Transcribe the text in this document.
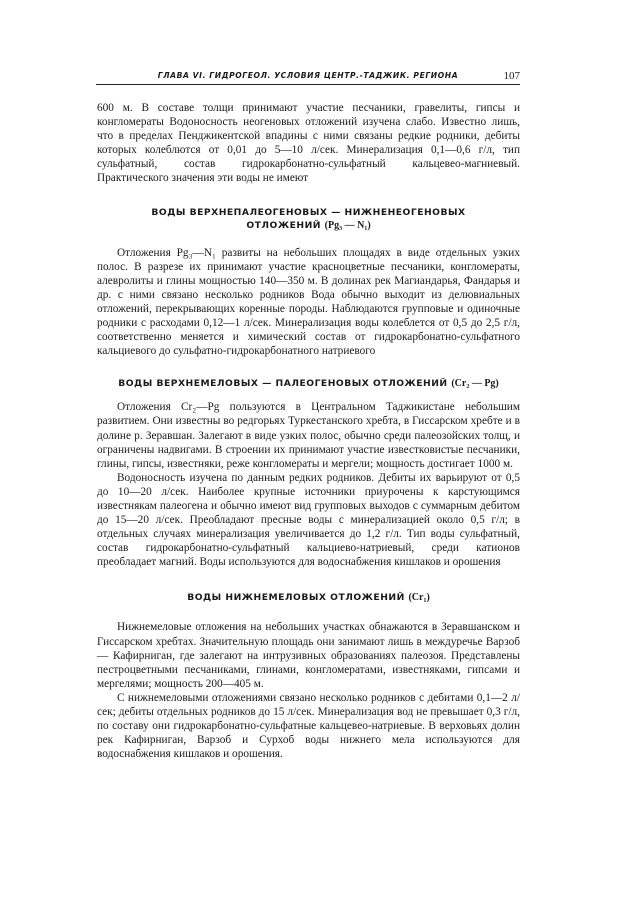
ГЛАВА VI. ГИДРОГЕОЛ. УСЛОВИЯ ЦЕНТР.-ТАДЖИК. РЕГИОНА	107

600 м. В составе толщи принимают участие песчаники, гравелиты, гипсы и конгломераты Водоносность неогеновых отложений изучена слабо. Известно лишь, что в пределах Пенджикентской впадины с ними связаны редкие родники, дебиты которых колеблются от 0,01 до 5—10 л/сек. Минерализация 0,1—0,6 г/л, тип сульфатный, состав гидрокарбонатно-сульфатный кальцевео-магниевый. Практического значения эти воды не имеют

ВОДЫ ВЕРХНЕПАЛЕОГЕНОВЫХ — НИЖНЕНЕОГЕНОВЫХ
ОТЛОЖЕНИЙ (Pg₃ — N₁)

Отложения Pg₃—N₁ развиты на небольших площадях в виде отдельных узких полос. В разрезе их принимают участие красноцветные песчаники, конгломераты, алевролиты и глины мощностью 140—350 м. В долинах рек Магиандарья, Фандарья и др. с ними связано несколько родников Вода обычно выходит из делювиальных отложений, перекрывающих коренные породы. Наблюдаются групповые и одиночные родники с расходами 0,12—1 л/сек. Минерализация воды колеблется от 0,5 до 2,5 г/л, соответственно меняется и химический состав от гидрокарбонатно-сульфатного кальциевого до сульфатно-гидрокарбонатного натриевого

ВОДЫ ВЕРХНЕМЕЛОВЫХ — ПАЛЕОГЕНОВЫХ ОТЛОЖЕНИЙ (Cr₂ — Pg)

Отложения Cr₂—Pg пользуются в Центральном Таджикистане небольшим развитием. Они известны во редгорьях Туркестанского хребта, в Гиссарском хребте и в долине р. Зеравшан. Залегают в виде узких полос, обычно среди палеозойских толщ, и ограничены надвигами. В строении их принимают участие известковистые песчаники, глины, гипсы, известняки, реже конгломераты и мергели; мощность достигает 1000 м.

Водоносность изучена по данным редких родников. Дебиты их варьируют от 0,5 до 10—20 л/сек. Наиболее крупные источники приурочены к карстующимся известнякам палеогена и обычно имеют вид групповых выходов с суммарным дебитом до 15—20 л/сек. Преобладают пресные воды с минерализацией около 0,5 г/л; в отдельных случаях минерализация увеличивается до 1,2 г/л. Тип воды сульфатный, состав гидрокарбонатно-сульфатный кальциево-натриевый, среди катионов преобладает магний. Воды используются для водоснабжения кишлаков и орошения

ВОДЫ НИЖНЕМЕЛОВЫХ ОТЛОЖЕНИЙ (Cr₁)

Нижнемеловые отложения на небольших участках обнажаются в Зеравшанском и Гиссарском хребтах. Значительную площадь они занимают лишь в междуречье Варзоб — Кафирниган, где залегают на интрузивных образованиях палеозоя. Представлены пестроцветными песчаниками, глинами, конгломератами, известняками, гипсами и мергелями; мощность 200—405 м.

С нижнемеловыми отложениями связано несколько родников с дебитами 0,1—2 л/сек; дебиты отдельных родников до 15 л/сек. Минерализация вод не превышает 0,3 г/л, по составу они гидрокарбонатно-сульфатные кальцевео-натриевые. В верховьях долин рек Кафирниган, Варзоб и Сурхоб воды нижнего мела используются для водоснабжения кишлаков и орошения.
